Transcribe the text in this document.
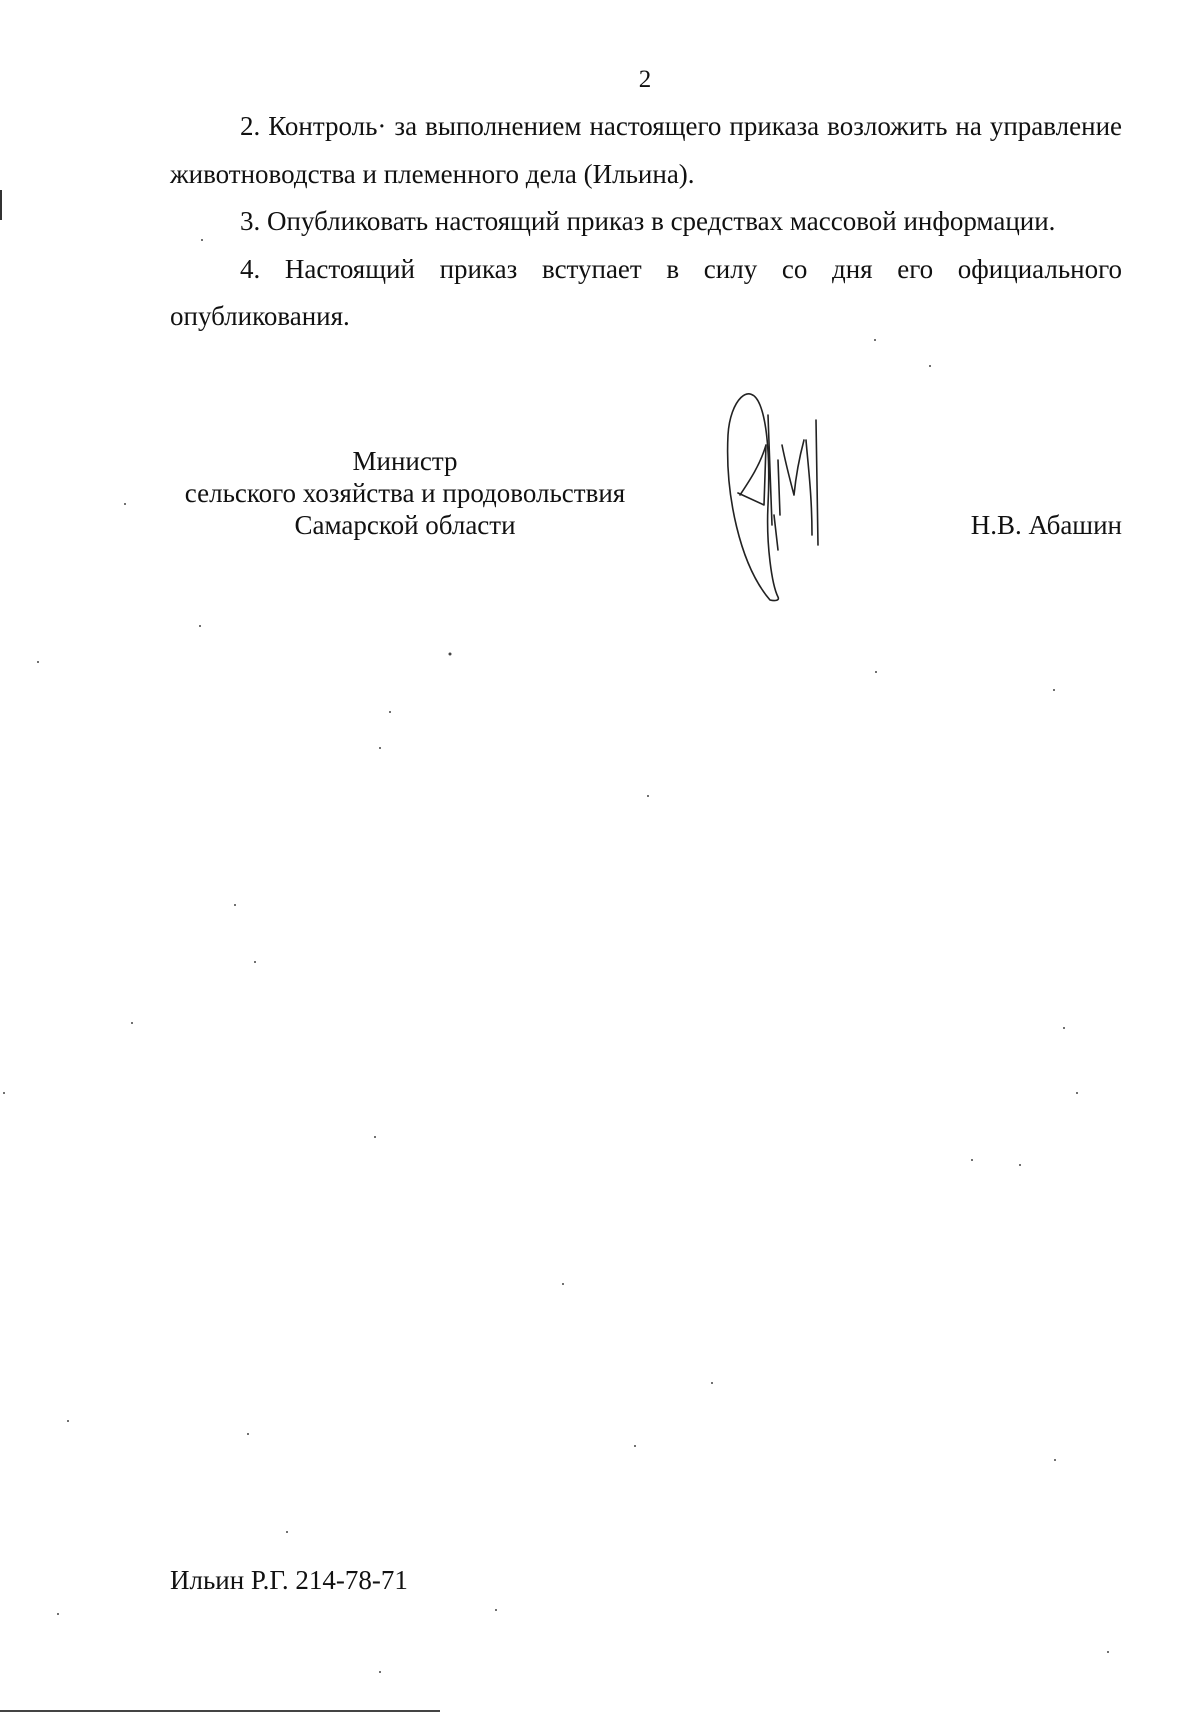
2

2. Контроль· за выполнением настоящего приказа возложить на управление животноводства и племенного дела (Ильина).

3. Опубликовать настоящий приказ в средствах массовой информации.

4. Настоящий приказ вступает в силу со дня его официального опубликования.

Министр
сельского хозяйства и продовольствия
Самарской области	Н.В. Абашин
Ильин Р.Г. 214-78-71
